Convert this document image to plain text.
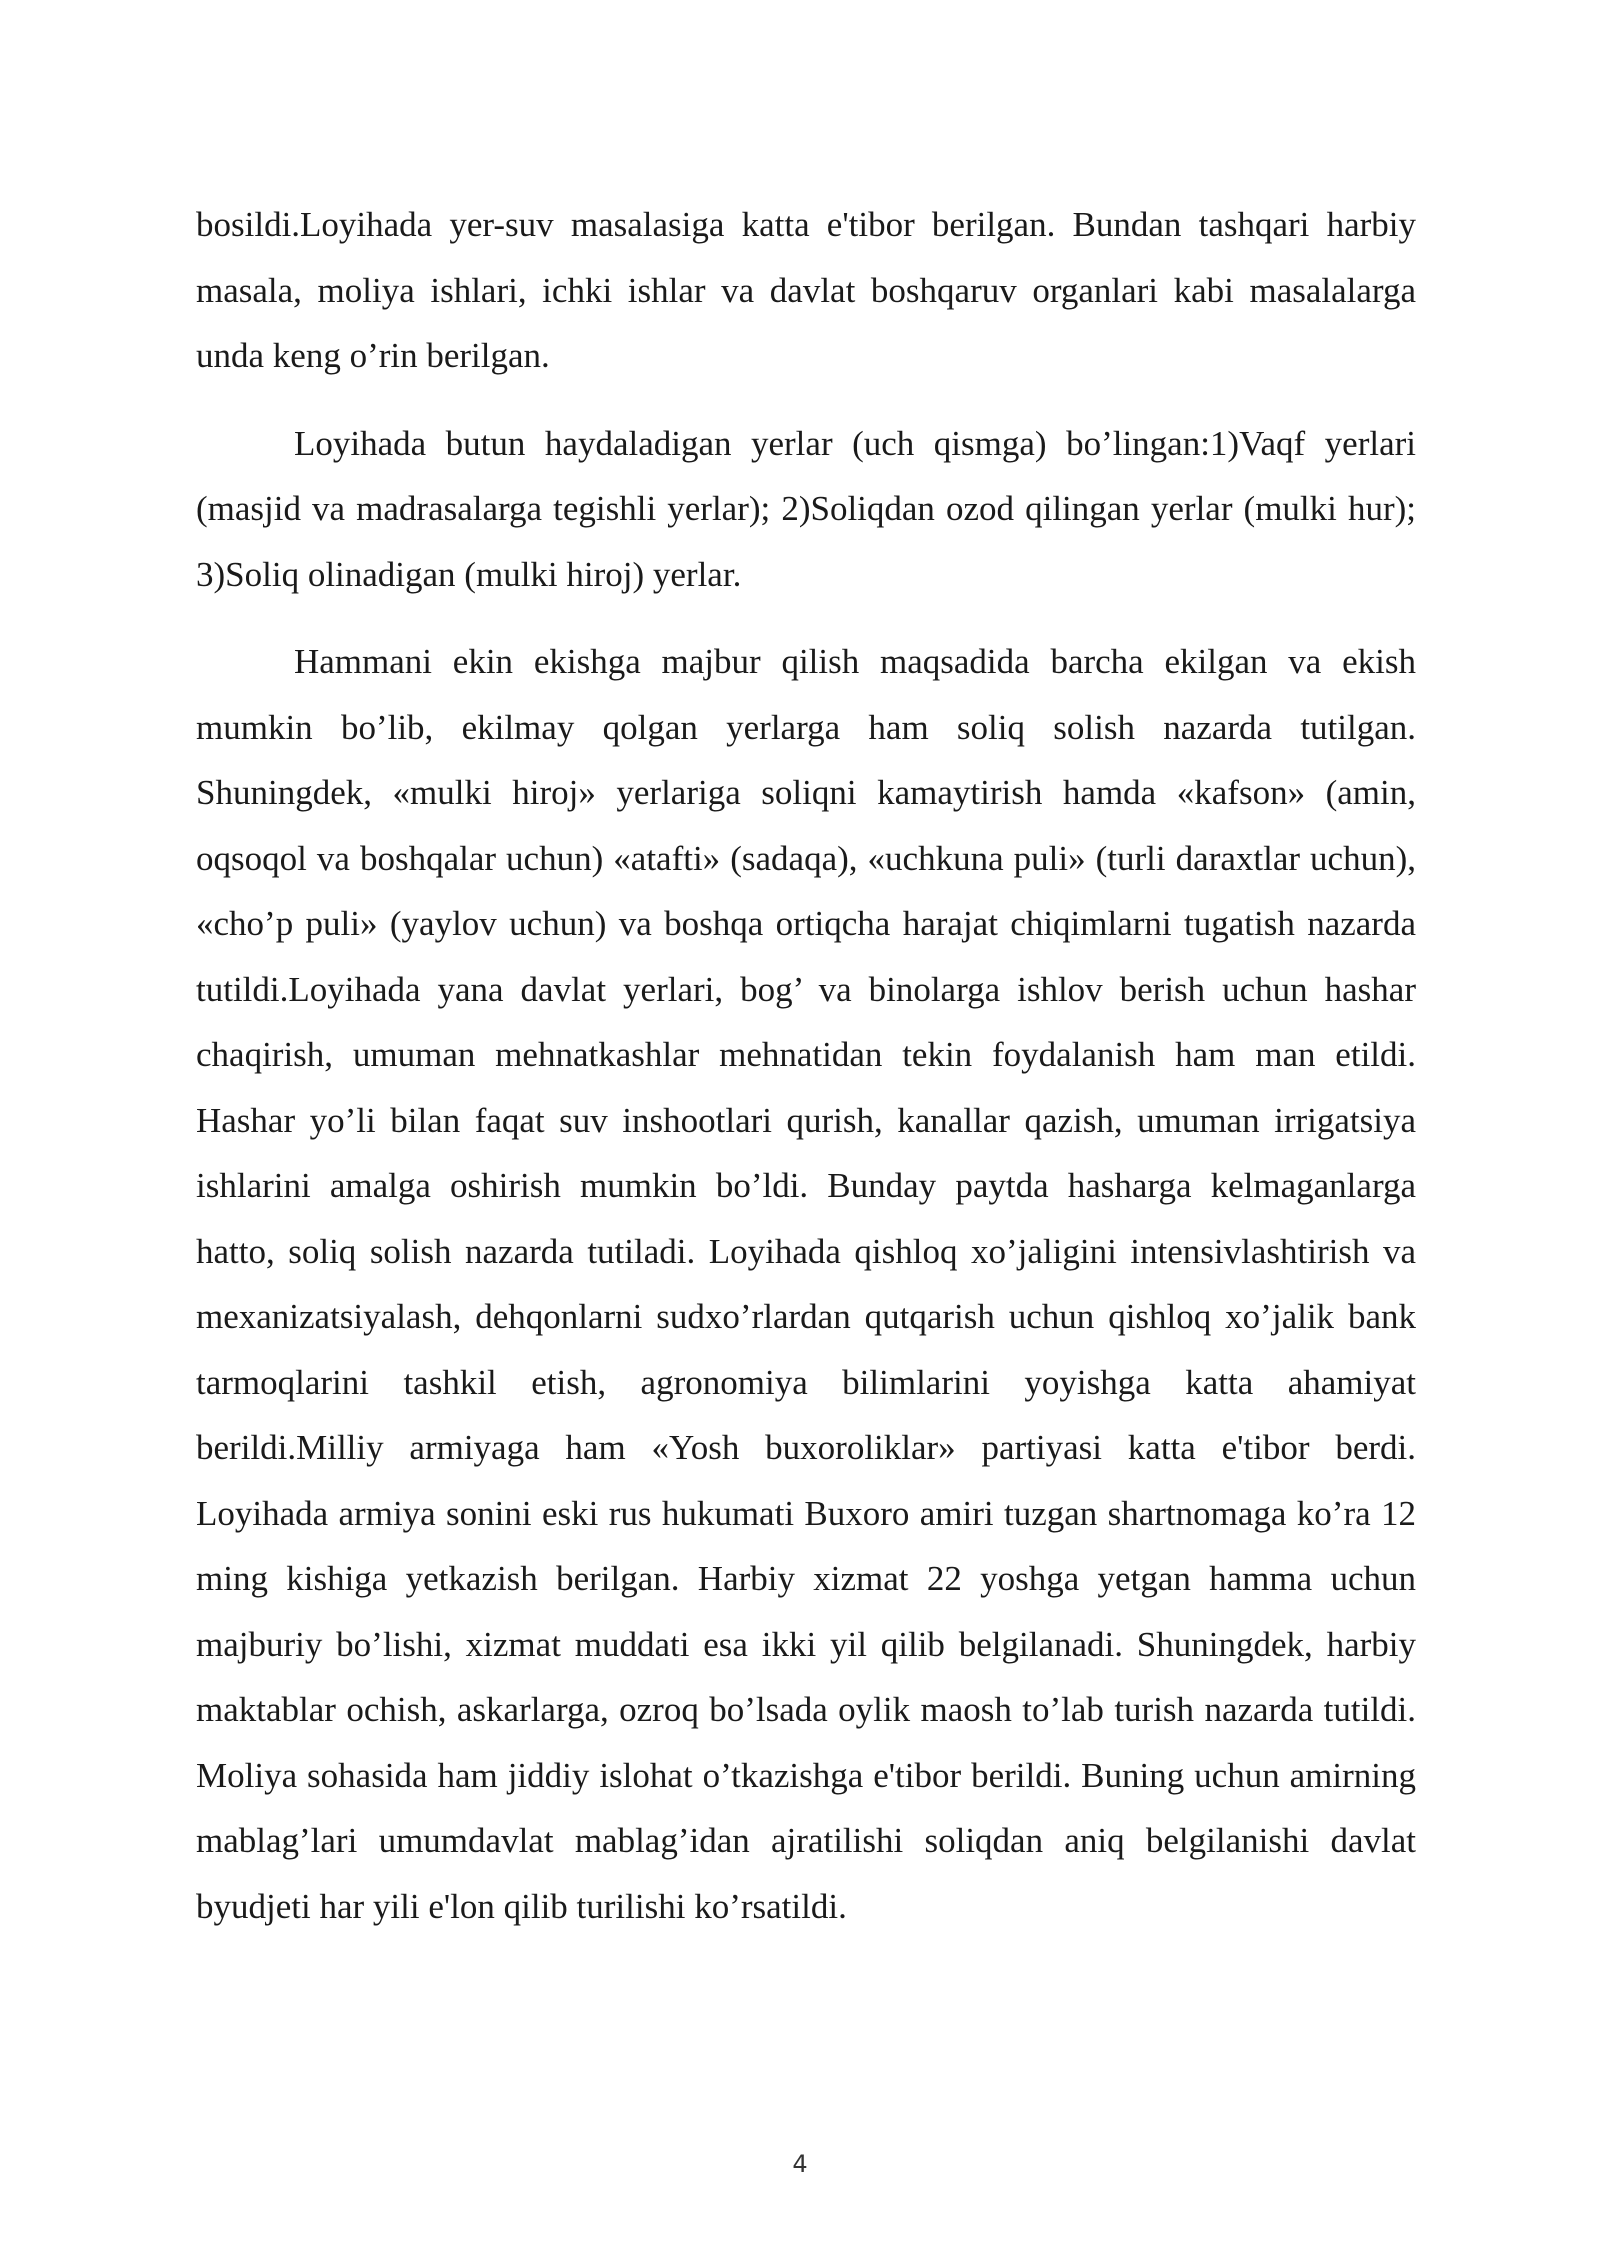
bosildi.Loyihada yer-suv masalasiga katta e'tibor berilgan. Bundan tashqari harbiy masala, moliya ishlari, ichki ishlar va davlat boshqaruv organlari kabi masalalarga unda keng o’rin berilgan.

Loyihada butun haydaladigan yerlar (uch qismga) bo’lingan:1)Vaqf yerlari (masjid va madrasalarga tegishli yerlar); 2)Soliqdan ozod qilingan yerlar (mulki hur); 3)Soliq olinadigan (mulki hiroj) yerlar.

Hammani ekin ekishga majbur qilish maqsadida barcha ekilgan va ekish mumkin bo’lib, ekilmay qolgan yerlarga ham soliq solish nazarda tutilgan. Shuningdek, «mulki hiroj» yerlariga soliqni kamaytirish hamda «kafson» (amin, oqsoqol va boshqalar uchun) «atafti» (sadaqa), «uchkuna puli» (turli daraxtlar uchun), «cho’p puli» (yaylov uchun) va boshqa ortiqcha harajat chiqimlarni tugatish nazarda tutildi.Loyihada yana davlat yerlari, bog’ va binolarga ishlov berish uchun hashar chaqirish, umuman mehnatkashlar mehnatidan tekin foydalanish ham man etildi. Hashar yo’li bilan faqat suv inshootlari qurish, kanallar qazish, umuman irrigatsiya ishlarini amalga oshirish mumkin bo’ldi. Bunday paytda hasharga kelmaganlarga hatto, soliq solish nazarda tutiladi. Loyihada qishloq xo’jaligini intensivlashtirish va mexanizatsiyalash, dehqonlarni sudxo’rlardan qutqarish uchun qishloq xo’jalik bank tarmoqlarini tashkil etish, agronomiya bilimlarini yoyishga katta ahamiyat berildi.Milliy armiyaga ham «Yosh buxoroliklar» partiyasi katta e'tibor berdi. Loyihada armiya sonini eski rus hukumati Buxoro amiri tuzgan shartnomaga ko’ra 12 ming kishiga yetkazish berilgan. Harbiy xizmat 22 yoshga yetgan hamma uchun majburiy bo’lishi, xizmat muddati esa ikki yil qilib belgilanadi. Shuningdek, harbiy maktablar ochish, askarlarga, ozroq bo’lsada oylik maosh to’lab turish nazarda tutildi. Moliya sohasida ham jiddiy islohat o’tkazishga e'tibor berildi. Buning uchun amirning mablag’lari umumdavlat mablag’idan ajratilishi soliqdan aniq belgilanishi davlat byudjeti har yili e'lon qilib turilishi ko’rsatildi.

4
